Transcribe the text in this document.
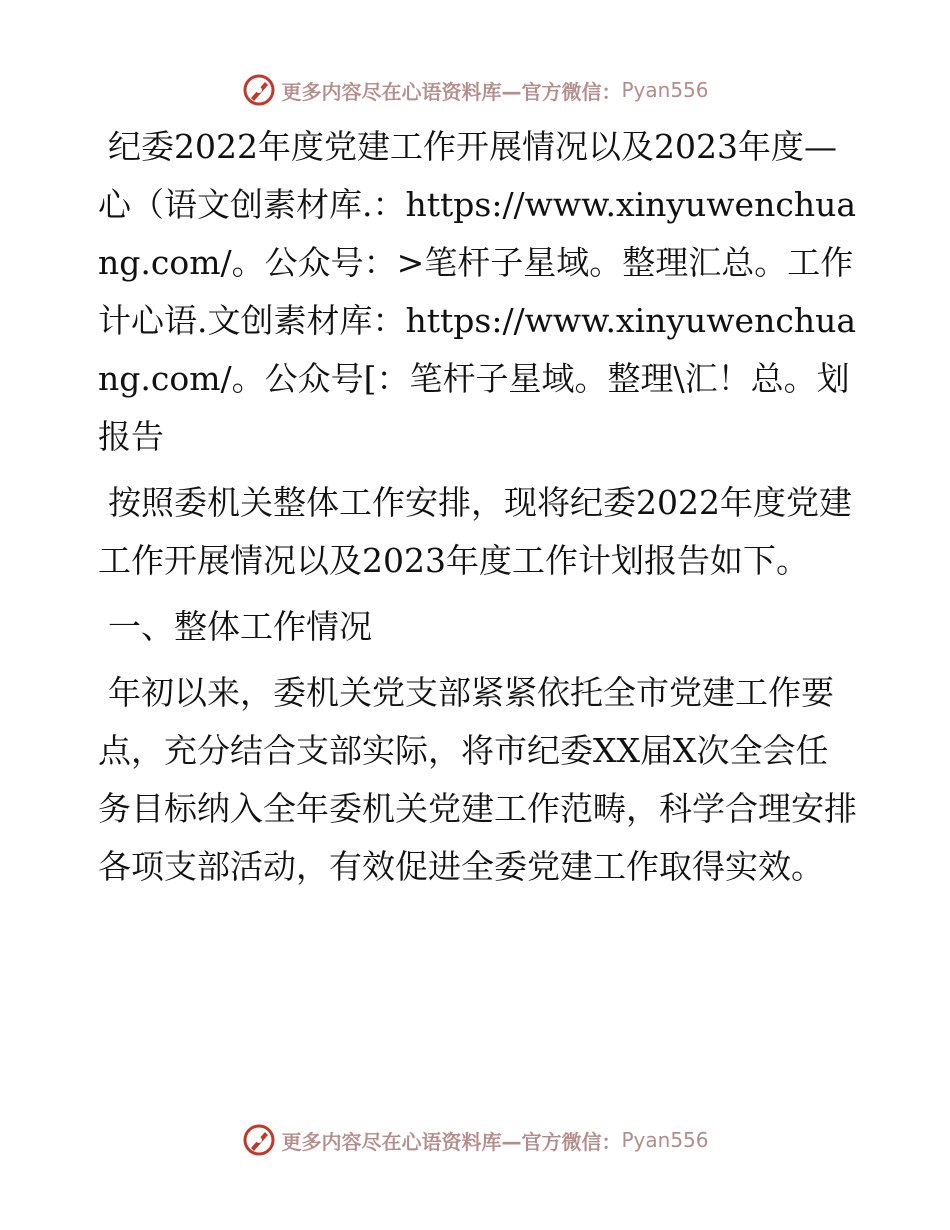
更多内容尽在心语资料库—官方微信： Pyan556

纪委2022年度党建工作开展情况以及2023年度—心（语文创素材库.：https://www.xinyuwenchuang.com/。公众号：>笔杆子星域。整理汇总。工作计心语.文创素材库：https://www.xinyuwenchuang.com/。公众号[：笔杆子星域。整理\汇！总。划报告

按照委机关整体工作安排，现将纪委2022年度党建工作开展情况以及2023年度工作计划报告如下。

一、整体工作情况

年初以来，委机关党支部紧紧依托全市党建工作要点，充分结合支部实际，将市纪委XX届X次全会任务目标纳入全年委机关党建工作范畴，科学合理安排各项支部活动，有效促进全委党建工作取得实效。

更多内容尽在心语资料库—官方微信： Pyan556
